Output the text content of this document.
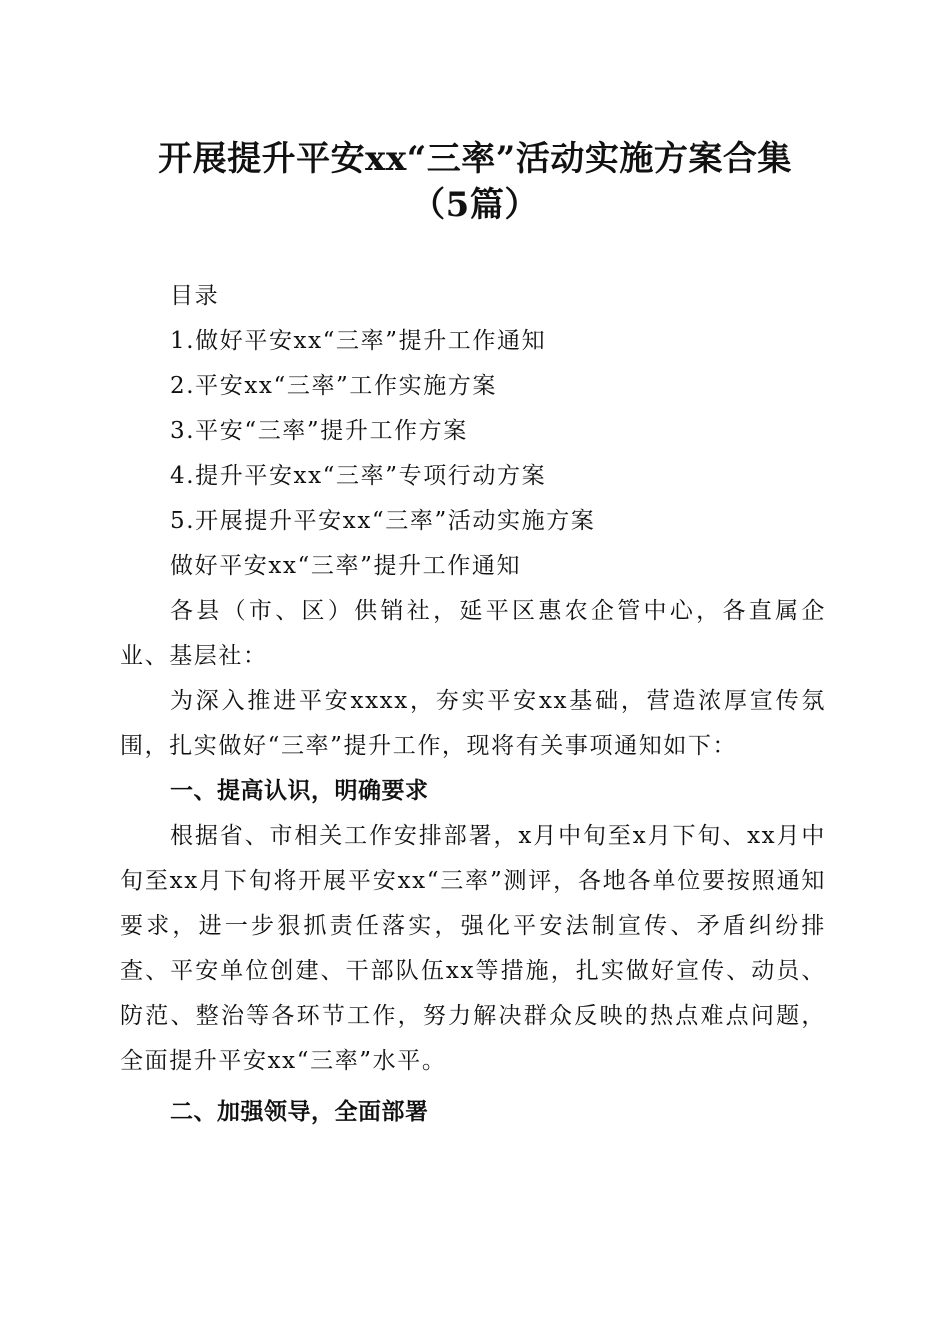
开展提升平安xx“三率”活动实施方案合集
（5篇）

目录

1.做好平安xx“三率”提升工作通知

2.平安xx“三率”工作实施方案

3.平安“三率”提升工作方案

4.提升平安xx“三率”专项行动方案

5.开展提升平安xx“三率”活动实施方案

做好平安xx“三率”提升工作通知

各县（市、区）供销社，延平区惠农企管中心，各直属企业、基层社：

为深入推进平安xxxx，夯实平安xx基础，营造浓厚宣传氛围，扎实做好“三率”提升工作，现将有关事项通知如下：

一、提高认识，明确要求

根据省、市相关工作安排部署，x月中旬至x月下旬、xx月中旬至xx月下旬将开展平安xx“三率”测评，各地各单位要按照通知要求，进一步狠抓责任落实，强化平安法制宣传、矛盾纠纷排查、平安单位创建、干部队伍xx等措施，扎实做好宣传、动员、防范、整治等各环节工作，努力解决群众反映的热点难点问题，全面提升平安xx“三率”水平。

二、加强领导，全面部署
